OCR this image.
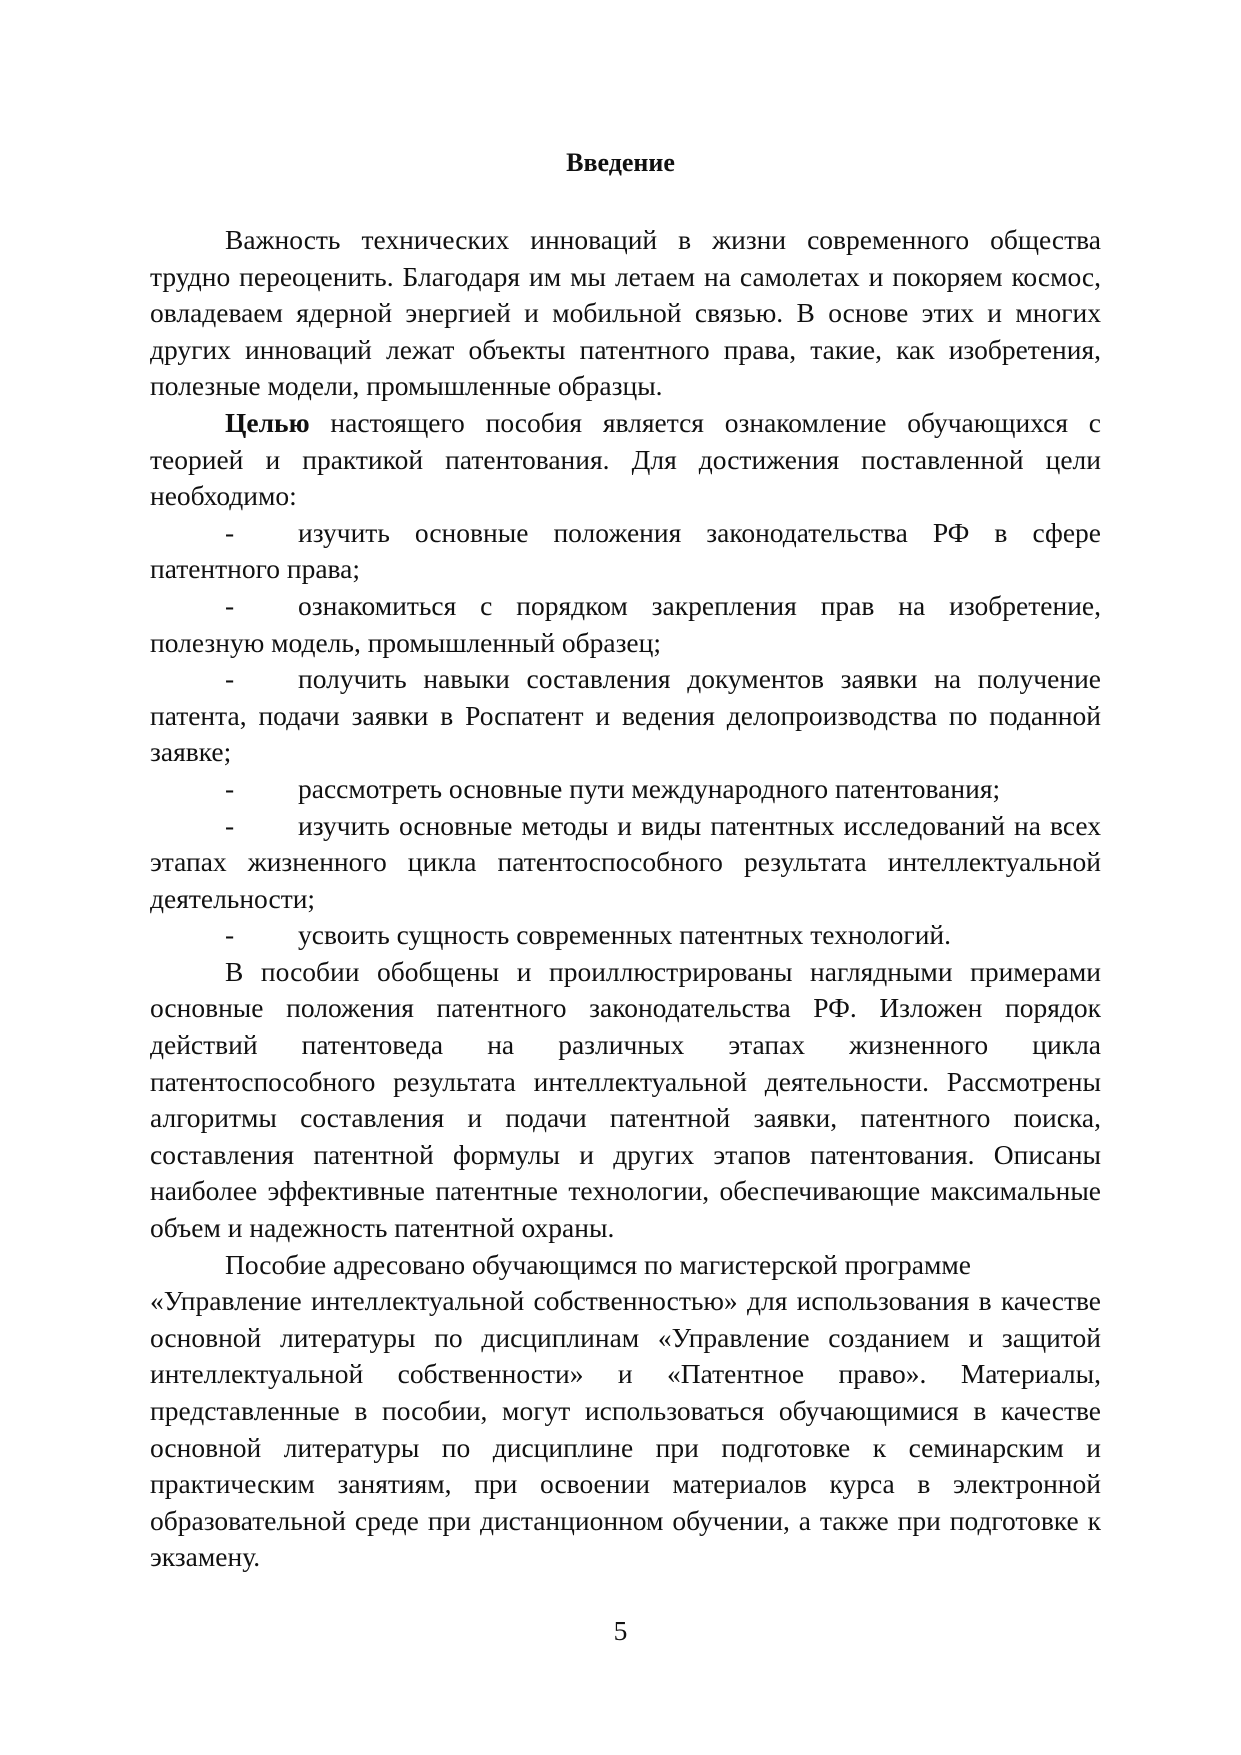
Введение

Важность технических инноваций в жизни современного общества трудно переоценить. Благодаря им мы летаем на самолетах и покоряем космос, овладеваем ядерной энергией и мобильной связью. В основе этих и многих других инноваций лежат объекты патентного права, такие, как изобретения, полезные модели, промышленные образцы.

Целью настоящего пособия является ознакомление обучающихся с теорией и практикой патентования. Для достижения поставленной цели необходимо:

- изучить основные положения законодательства РФ в сфере патентного права;

- ознакомиться с порядком закрепления прав на изобретение, полезную модель, промышленный образец;

- получить навыки составления документов заявки на получение патента, подачи заявки в Роспатент и ведения делопроизводства по поданной заявке;

- рассмотреть основные пути международного патентования;

- изучить основные методы и виды патентных исследований на всех этапах жизненного цикла патентоспособного результата интеллектуальной деятельности;

- усвоить сущность современных патентных технологий.

В пособии обобщены и проиллюстрированы наглядными примерами основные положения патентного законодательства РФ. Изложен порядок действий патентоведа на различных этапах жизненного цикла патентоспособного результата интеллектуальной деятельности. Рассмотрены алгоритмы составления и подачи патентной заявки, патентного поиска, составления патентной формулы и других этапов патентования. Описаны наиболее эффективные патентные технологии, обеспечивающие максимальные объем и надежность патентной охраны.

Пособие адресовано обучающимся по магистерской программе

«Управление интеллектуальной собственностью» для использования в качестве основной литературы по дисциплинам «Управление созданием и защитой интеллектуальной собственности» и «Патентное право». Материалы, представленные в пособии, могут использоваться обучающимися в качестве основной литературы по дисциплине при подготовке к семинарским и практическим занятиям, при освоении материалов курса в электронной образовательной среде при дистанционном обучении, а также при подготовке к экзамену.

5
